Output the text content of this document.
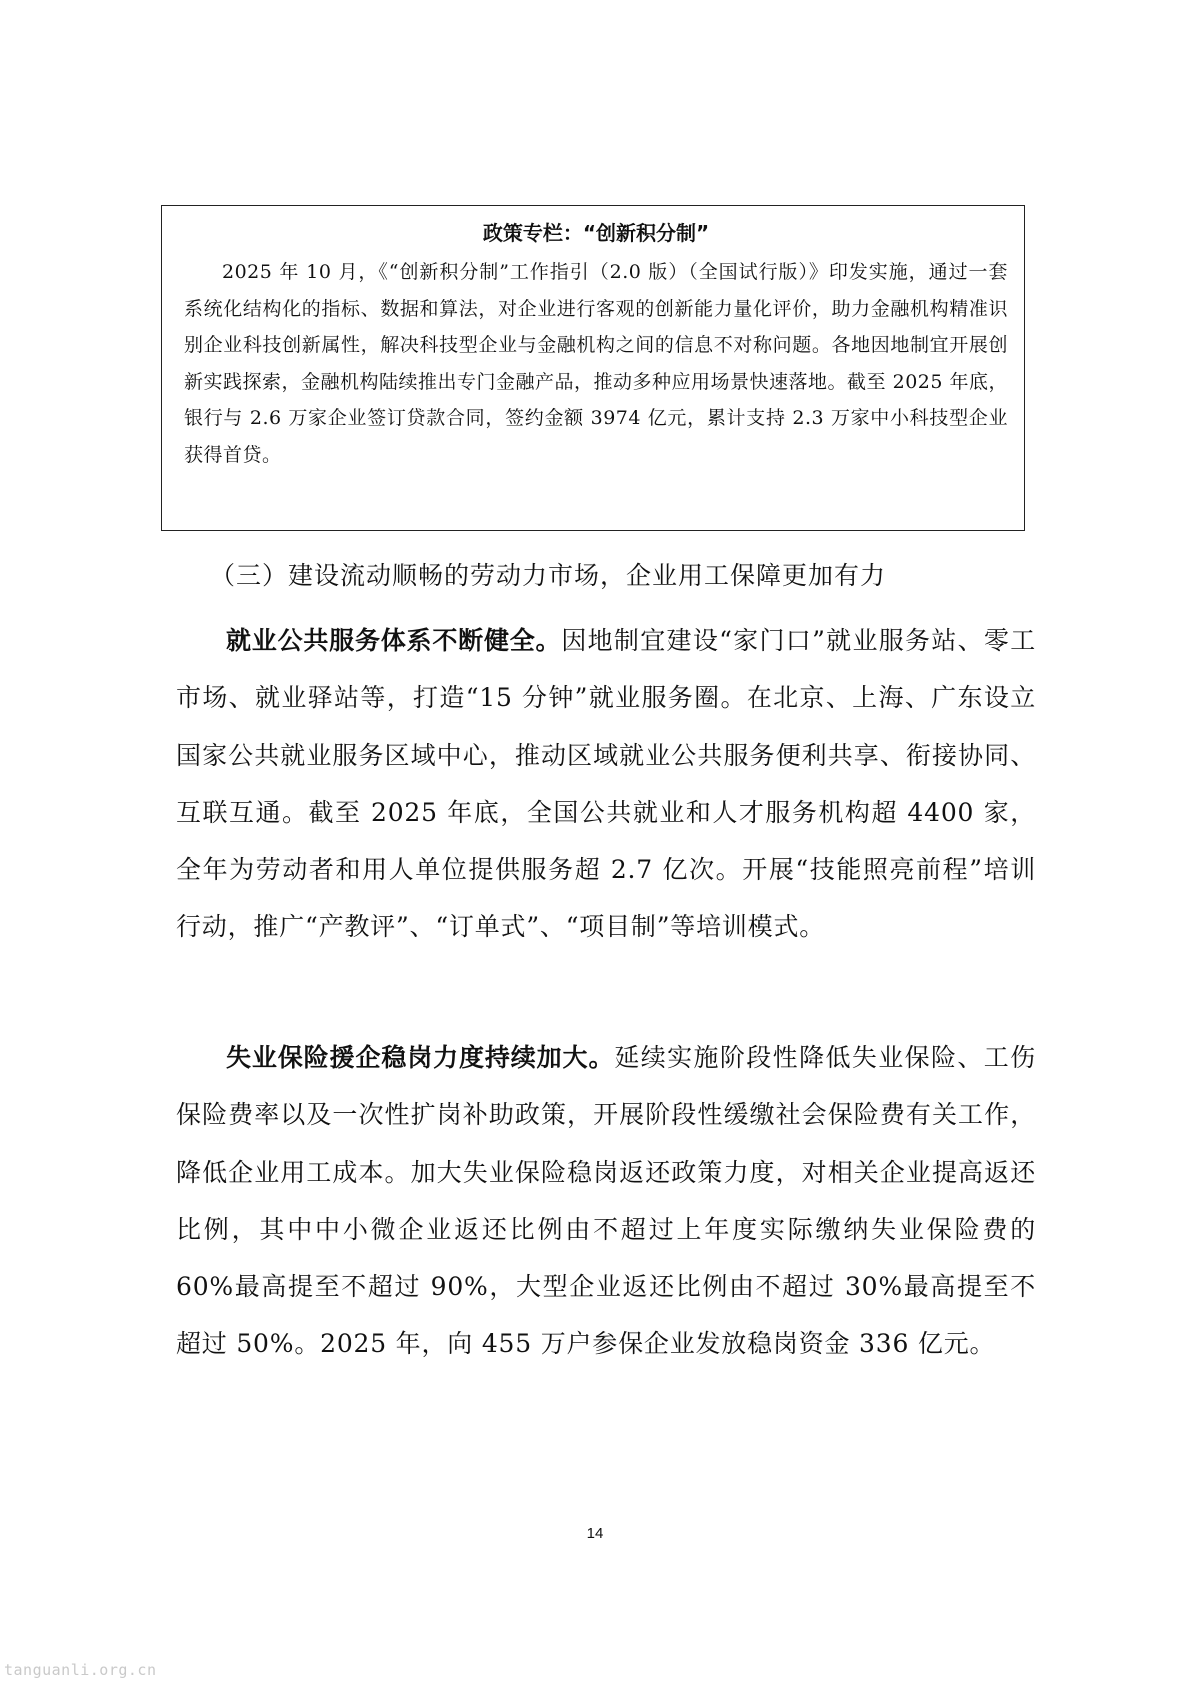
政策专栏：“创新积分制”

2025 年 10 月，《“创新积分制”工作指引（2.0 版）（全国试行版）》印发实施，通过一套系统化结构化的指标、数据和算法，对企业进行客观的创新能力量化评价，助力金融机构精准识别企业科技创新属性，解决科技型企业与金融机构之间的信息不对称问题。各地因地制宜开展创新实践探索，金融机构陆续推出专门金融产品，推动多种应用场景快速落地。截至 2025 年底，银行与 2.6 万家企业签订贷款合同，签约金额 3974 亿元，累计支持 2.3 万家中小科技型企业获得首贷。

（三）建设流动顺畅的劳动力市场，企业用工保障更加有力

就业公共服务体系不断健全。因地制宜建设“家门口”就业服务站、零工市场、就业驿站等，打造“15 分钟”就业服务圈。在北京、上海、广东设立国家公共就业服务区域中心，推动区域就业公共服务便利共享、衔接协同、互联互通。截至 2025 年底，全国公共就业和人才服务机构超 4400 家，全年为劳动者和用人单位提供服务超 2.7 亿次。开展“技能照亮前程”培训行动，推广“产教评”、“订单式”、“项目制”等培训模式。

失业保险援企稳岗力度持续加大。延续实施阶段性降低失业保险、工伤保险费率以及一次性扩岗补助政策，开展阶段性缓缴社会保险费有关工作，降低企业用工成本。加大失业保险稳岗返还政策力度，对相关企业提高返还比例，其中中小微企业返还比例由不超过上年度实际缴纳失业保险费的 60%最高提至不超过 90%，大型企业返还比例由不超过 30%最高提至不超过 50%。2025 年，向 455 万户参保企业发放稳岗资金 336 亿元。

14
tanguanli.org.cn
